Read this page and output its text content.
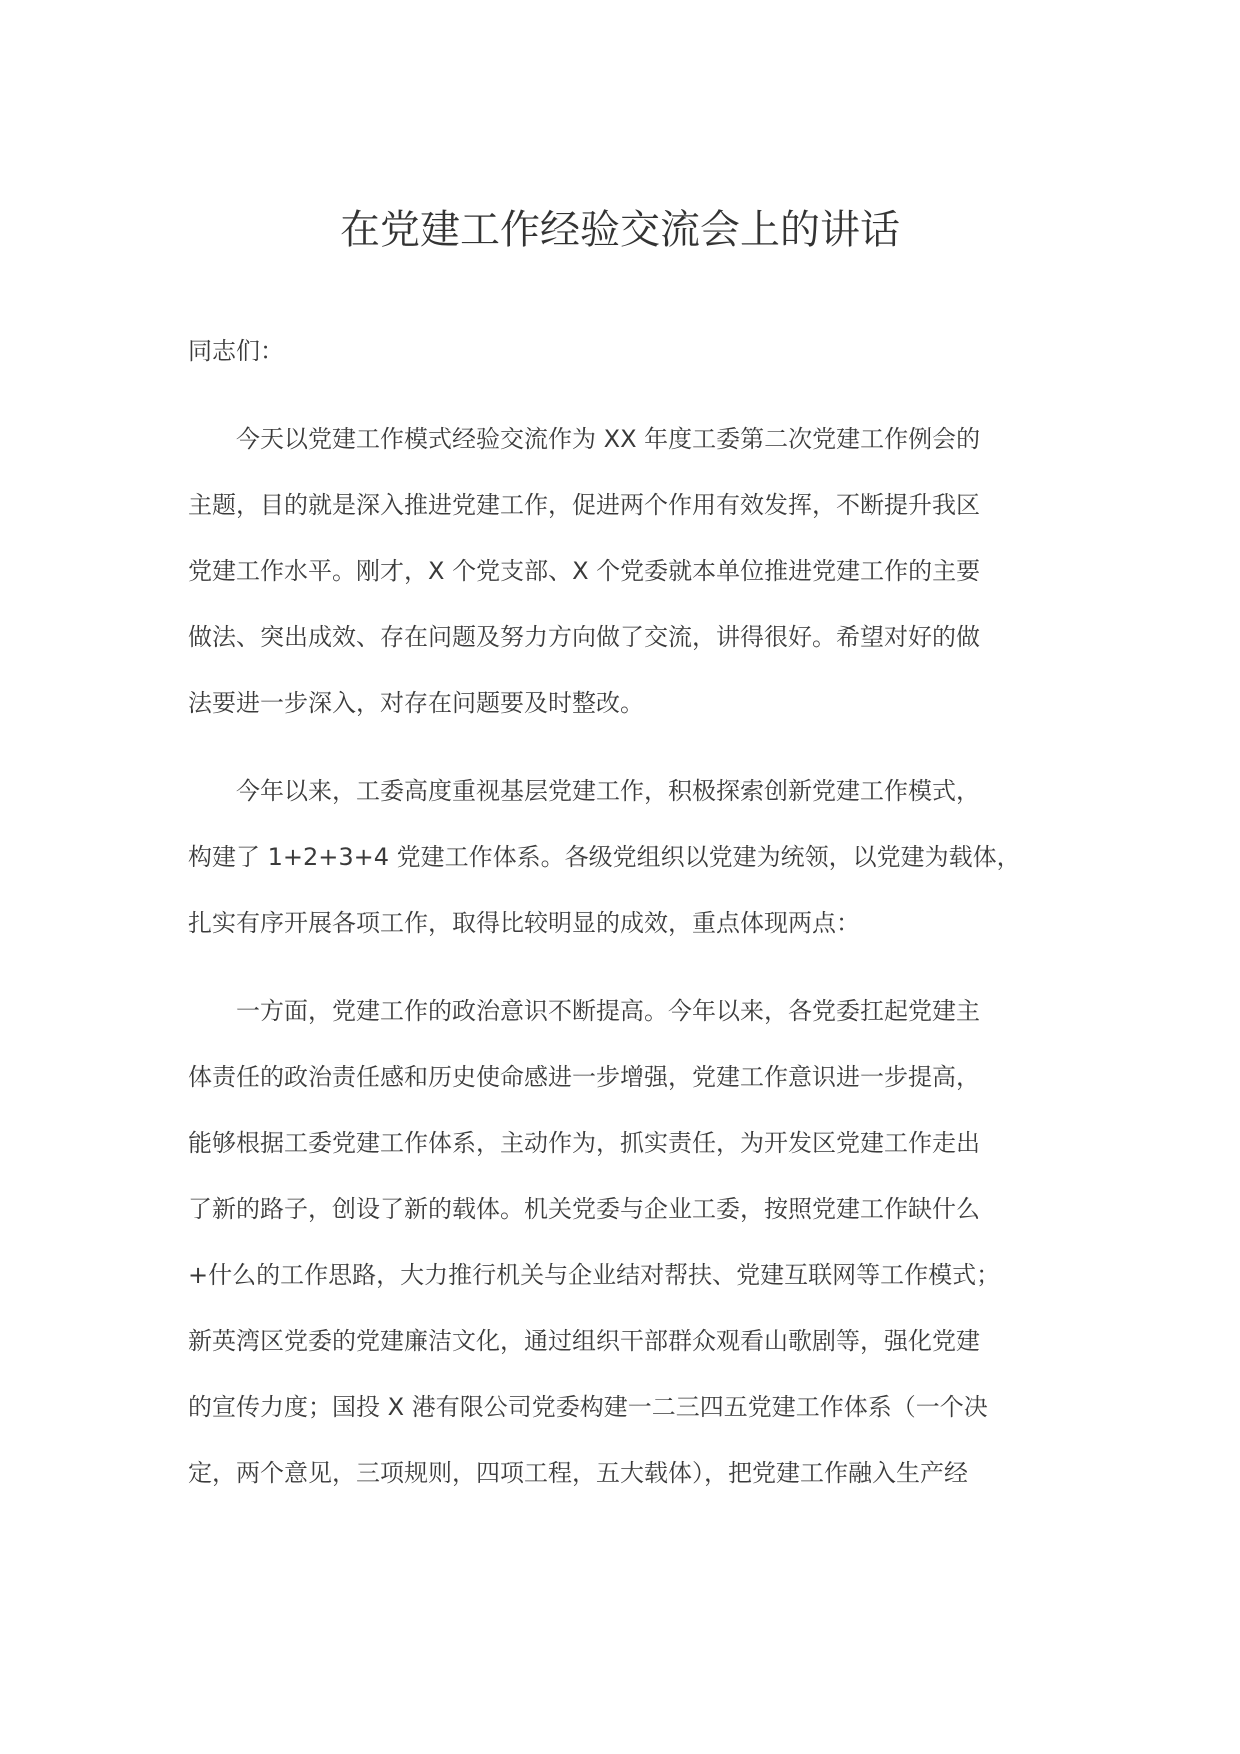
在党建工作经验交流会上的讲话

同志们：

　　今天以党建工作模式经验交流作为 XX 年度工委第二次党建工作例会的
主题，目的就是深入推进党建工作，促进两个作用有效发挥，不断提升我区
党建工作水平。刚才，X 个党支部、X 个党委就本单位推进党建工作的主要
做法、突出成效、存在问题及努力方向做了交流，讲得很好。希望对好的做
法要进一步深入，对存在问题要及时整改。
　　今年以来，工委高度重视基层党建工作，积极探索创新党建工作模式，
构建了 1+2+3+4 党建工作体系。各级党组织以党建为统领，以党建为载体，
扎实有序开展各项工作，取得比较明显的成效，重点体现两点：
　　一方面，党建工作的政治意识不断提高。今年以来，各党委扛起党建主
体责任的政治责任感和历史使命感进一步增强，党建工作意识进一步提高，
能够根据工委党建工作体系，主动作为，抓实责任，为开发区党建工作走出
了新的路子，创设了新的载体。机关党委与企业工委，按照党建工作缺什么
+什么的工作思路，大力推行机关与企业结对帮扶、党建互联网等工作模式；
新英湾区党委的党建廉洁文化，通过组织干部群众观看山歌剧等，强化党建
的宣传力度；国投 X 港有限公司党委构建一二三四五党建工作体系（一个决
定，两个意见，三项规则，四项工程，五大载体），把党建工作融入生产经
